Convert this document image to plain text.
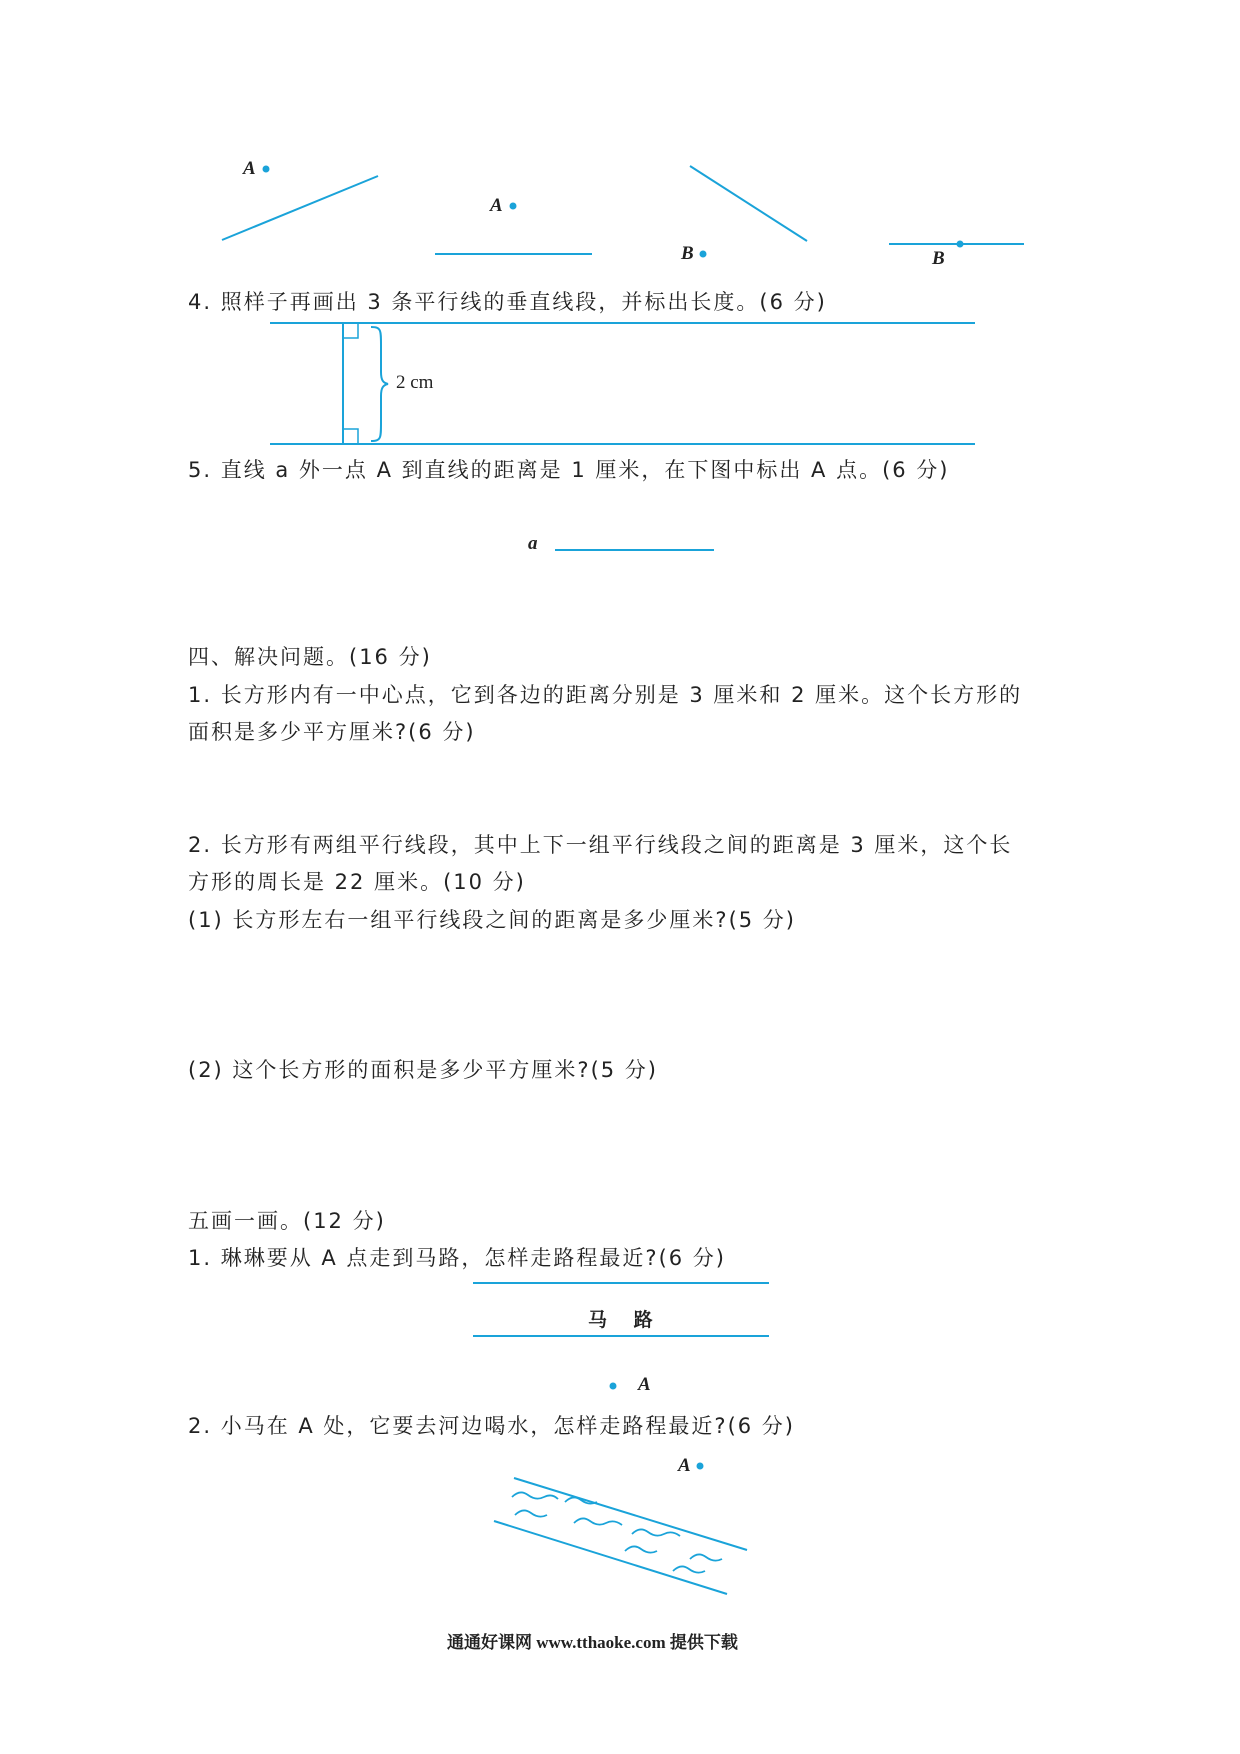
A
A
B	B
4. 照样子再画出 3 条平行线的垂直线段，并标出长度。(6 分)
2 cm
5. 直线 a 外一点 A 到直线的距离是 1 厘米，在下图中标出 A 点。(6 分)
a
四、解决问题。(16 分)
1. 长方形内有一中心点，它到各边的距离分别是 3 厘米和 2 厘米。这个长方形的
面积是多少平方厘米?(6 分)
2. 长方形有两组平行线段，其中上下一组平行线段之间的距离是 3 厘米，这个长
方形的周长是 22 厘米。(10 分)
(1) 长方形左右一组平行线段之间的距离是多少厘米?(5 分)
(2) 这个长方形的面积是多少平方厘米?(5 分)
五画一画。(12 分)
1. 琳琳要从 A 点走到马路，怎样走路程最近?(6 分)
马 路
A
2. 小马在 A 处，它要去河边喝水，怎样走路程最近?(6 分)
A
通通好课网 www.tthaoke.com 提供下载
